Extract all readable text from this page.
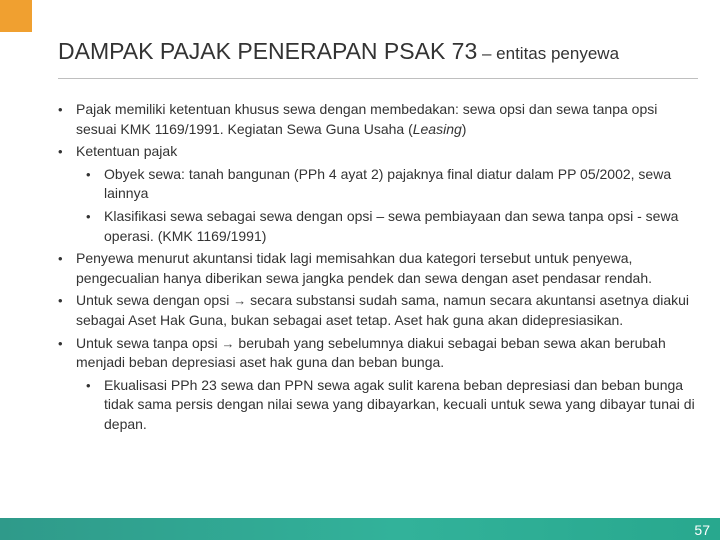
DAMPAK PAJAK PENERAPAN PSAK 73 – entitas penyewa
• Pajak memiliki ketentuan khusus sewa dengan membedakan: sewa opsi dan sewa tanpa opsi sesuai KMK 1169/1991. Kegiatan Sewa Guna Usaha (Leasing)
• Ketentuan pajak
• Obyek sewa: tanah bangunan (PPh 4 ayat 2) pajaknya final diatur dalam PP 05/2002, sewa lainnya
• Klasifikasi sewa sebagai sewa dengan opsi – sewa pembiayaan dan sewa tanpa opsi - sewa operasi. (KMK 1169/1991)
• Penyewa menurut akuntansi tidak lagi memisahkan dua kategori tersebut untuk penyewa, pengecualian hanya diberikan sewa jangka pendek dan sewa dengan aset pendasar rendah.
• Untuk sewa dengan opsi → secara substansi sudah sama, namun secara akuntansi asetnya diakui sebagai Aset Hak Guna, bukan sebagai aset tetap. Aset hak guna akan didepresiasikan.
• Untuk sewa tanpa opsi → berubah yang sebelumnya diakui sebagai beban sewa akan berubah menjadi beban depresiasi aset hak guna dan beban bunga.
• Ekualisasi PPh 23 sewa dan PPN sewa agak sulit karena beban depresiasi dan beban bunga tidak sama persis dengan nilai sewa yang dibayarkan, kecuali untuk sewa yang dibayar tunai di depan.
57
